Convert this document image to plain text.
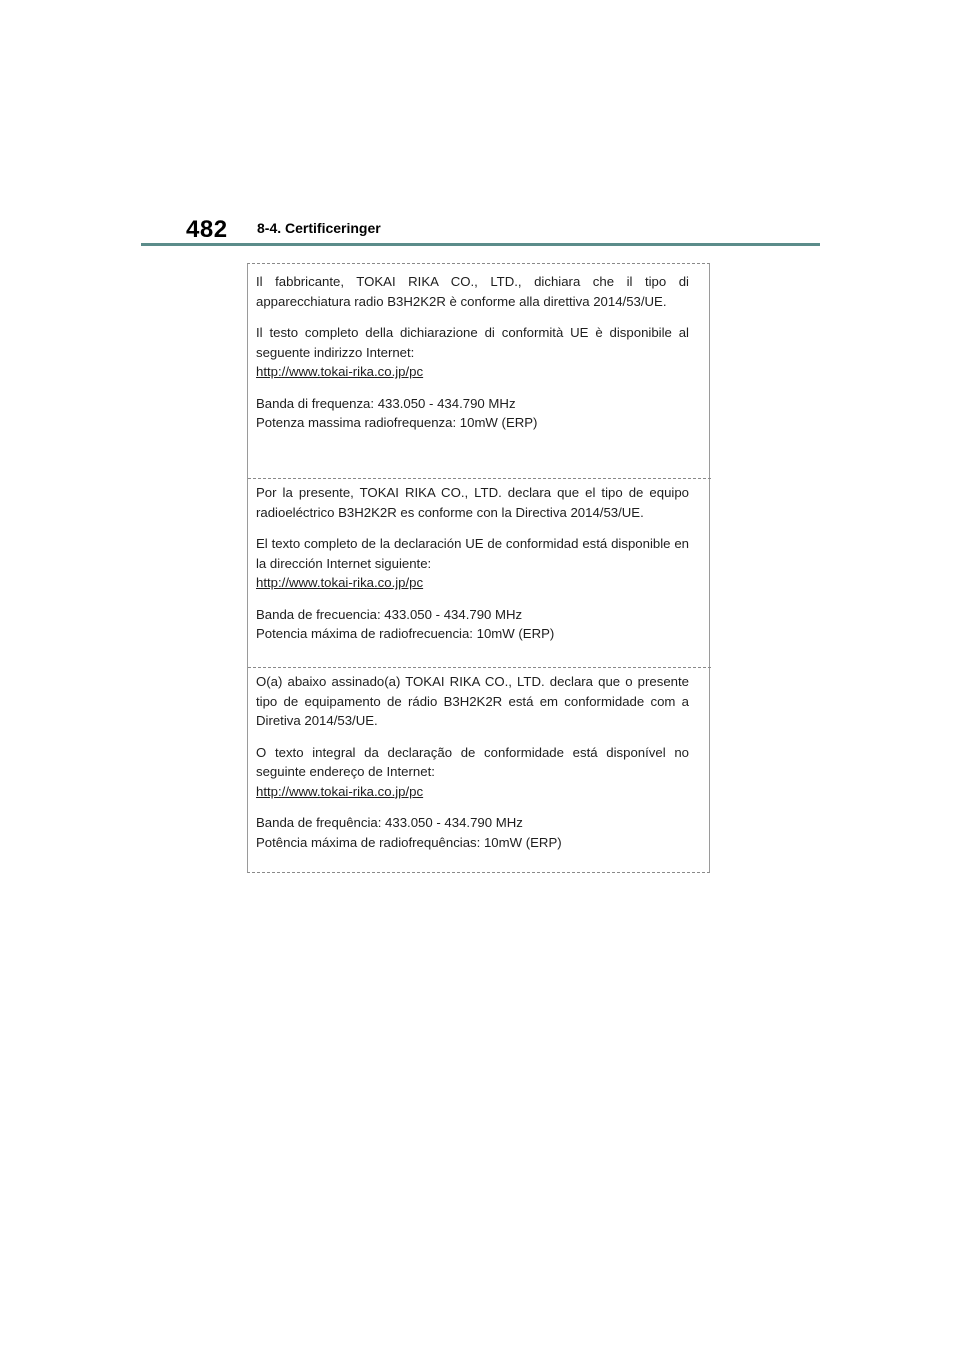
482 8-4. Certificeringer

Il fabbricante, TOKAI RIKA CO., LTD., dichiara che il tipo di apparecchiatura radio B3H2K2R è conforme alla direttiva 2014/53/UE.

Il testo completo della dichiarazione di conformità UE è disponibile al seguente indirizzo Internet:
http://www.tokai-rika.co.jp/pc

Banda di frequenza: 433.050 - 434.790 MHz
Potenza massima radiofrequenza: 10mW (ERP)

Por la presente, TOKAI RIKA CO., LTD. declara que el tipo de equipo radioeléctrico B3H2K2R es conforme con la Directiva 2014/53/UE.

El texto completo de la declaración UE de conformidad está disponible en la dirección Internet siguiente:
http://www.tokai-rika.co.jp/pc

Banda de frecuencia: 433.050 - 434.790 MHz
Potencia máxima de radiofrecuencia: 10mW (ERP)

O(a) abaixo assinado(a) TOKAI RIKA CO., LTD. declara que o presente tipo de equipamento de rádio B3H2K2R está em conformidade com a Diretiva 2014/53/UE.

O texto integral da declaração de conformidade está disponível no seguinte endereço de Internet:
http://www.tokai-rika.co.jp/pc

Banda de frequência: 433.050 - 434.790 MHz
Potência máxima de radiofrequências: 10mW (ERP)
